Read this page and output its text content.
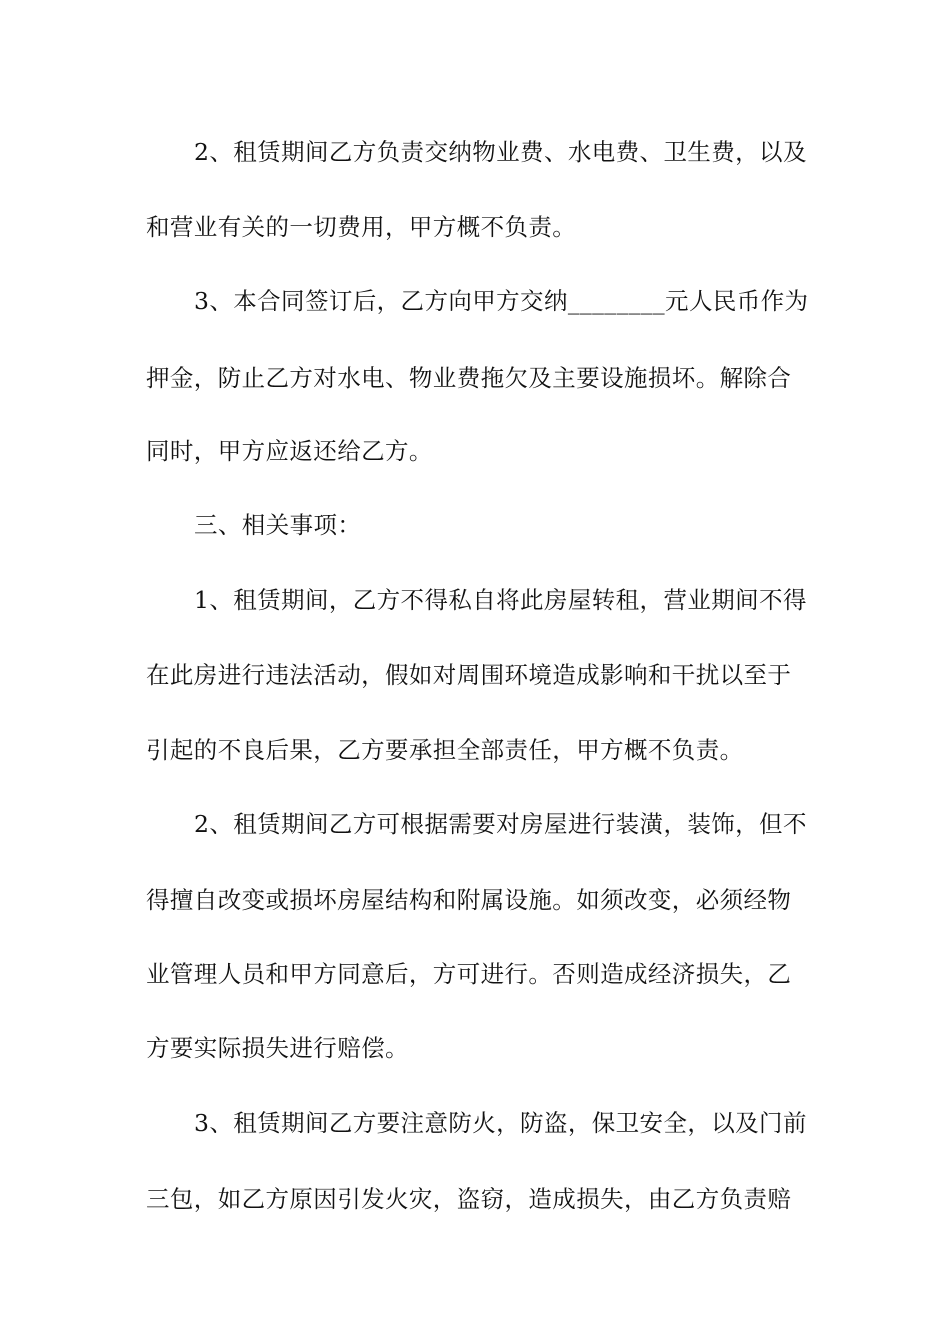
2、租赁期间乙方负责交纳物业费、水电费、卫生费，以及
和营业有关的一切费用，甲方概不负责。
3、本合同签订后，乙方向甲方交纳________元人民币作为
押金，防止乙方对水电、物业费拖欠及主要设施损坏。解除合
同时，甲方应返还给乙方。
三、相关事项：
1、租赁期间，乙方不得私自将此房屋转租，营业期间不得
在此房进行违法活动，假如对周围环境造成影响和干扰以至于
引起的不良后果，乙方要承担全部责任，甲方概不负责。
2、租赁期间乙方可根据需要对房屋进行装潢，装饰，但不
得擅自改变或损坏房屋结构和附属设施。如须改变，必须经物
业管理人员和甲方同意后，方可进行。否则造成经济损失，乙
方要实际损失进行赔偿。
3、租赁期间乙方要注意防火，防盗，保卫安全，以及门前
三包，如乙方原因引发火灾，盗窃，造成损失，由乙方负责赔
